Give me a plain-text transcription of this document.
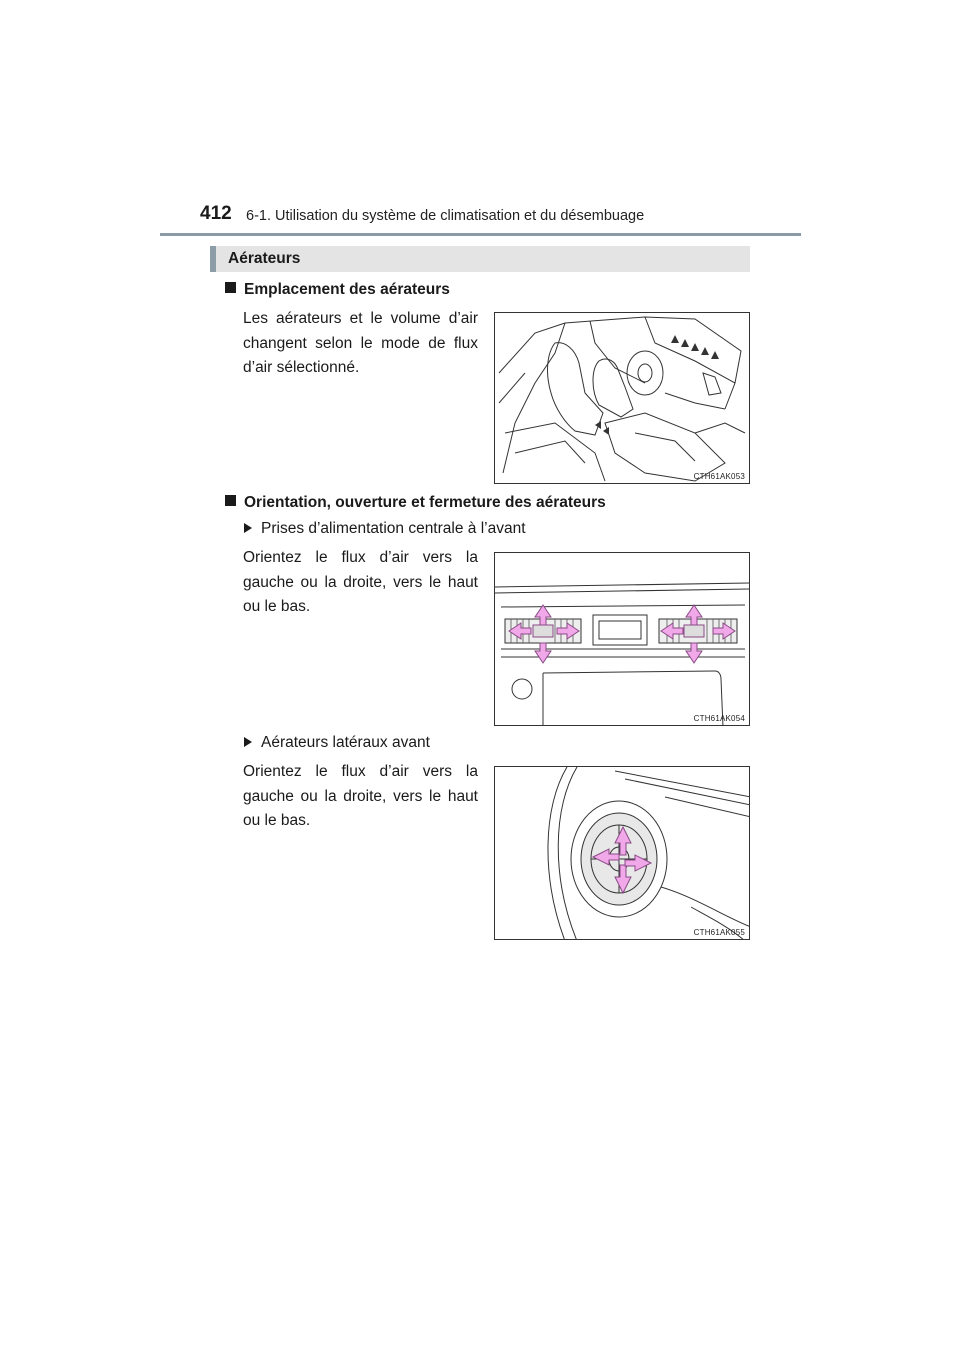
412 6-1. Utilisation du système de climatisation et du désembuage
Aérateurs
Emplacement des aérateurs
Les aérateurs et le volume d’air changent selon le mode de flux d’air sélectionné.
CTH61AK053
Orientation, ouverture et fermeture des aérateurs
Prises d’alimentation centrale à l’avant
Orientez le flux d’air vers la gauche ou la droite, vers le haut ou le bas.
CTH61AK054
Aérateurs latéraux avant
Orientez le flux d’air vers la gauche ou la droite, vers le haut ou le bas.
CTH61AK055
